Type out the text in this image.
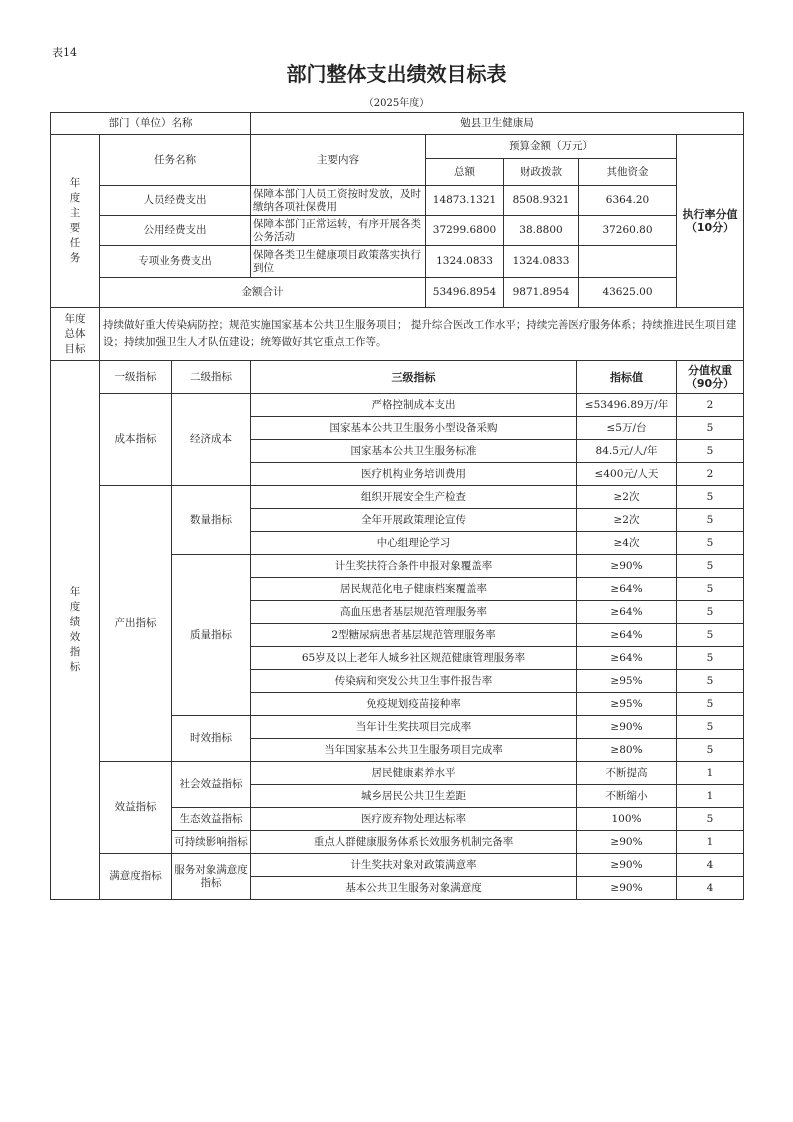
表14
部门整体支出绩效目标表
（2025年度）
部门（单位）名称		勉县卫生健康局				

年度主要任务	任务名称	主要内容	预算金额（万元）			执行率分值（10分）
			总额	财政拨款	其他资金	
	人员经费支出	保障本部门人员工资按时发放，及时缴纳各项社保费用	14873.1321	8508.9321	6364.20	
	公用经费支出	保障本部门正常运转，有序开展各类公务活动	37299.6800	38.8800	37260.80	
	专项业务费支出	保障各类卫生健康项目政策落实执行到位	1324.0833	1324.0833		
	金额合计		53496.8954	9871.8954	43625.00	

年度总体目标	持续做好重大传染病防控；规范实施国家基本公共卫生服务项目； 提升综合医改工作水平；持续完善医疗服务体系；持续推进民生项目建设；持续加强卫生人才队伍建设；统筹做好其它重点工作等。					
年度绩效指标	一级指标	二级指标	三级指标	指标值	分值权重（90分）
	成本指标	经济成本	严格控制成本支出	≤53496.89万/年	2
			国家基本公共卫生服务小型设备采购	≤5万/台	5
			国家基本公共卫生服务标准	84.5元/人/年	5
			医疗机构业务培训费用	≤400元/人天	2
	产出指标	数量指标	组织开展安全生产检查	≥2次	5
			全年开展政策理论宣传	≥2次	5
			中心组理论学习	≥4次	5
		质量指标	计生奖扶符合条件申报对象覆盖率	≥90%	5
			居民规范化电子健康档案覆盖率	≥64%	5
			高血压患者基层规范管理服务率	≥64%	5
			2型糖尿病患者基层规范管理服务率	≥64%	5
			65岁及以上老年人城乡社区规范健康管理服务率	≥64%	5
			传染病和突发公共卫生事件报告率	≥95%	5
			免疫规划疫苗接种率	≥95%	5
		时效指标	当年计生奖扶项目完成率	≥90%	5
			当年国家基本公共卫生服务项目完成率	≥80%	5
	效益指标	社会效益指标	居民健康素养水平	不断提高	1
			城乡居民公共卫生差距	不断缩小	1
		生态效益指标	医疗废弃物处理达标率	100%	5
		可持续影响指标	重点人群健康服务体系长效服务机制完备率	≥90%	1
	满意度指标	服务对象满意度指标	计生奖扶对象对政策满意率	≥90%	4
			基本公共卫生服务对象满意度	≥90%	4
